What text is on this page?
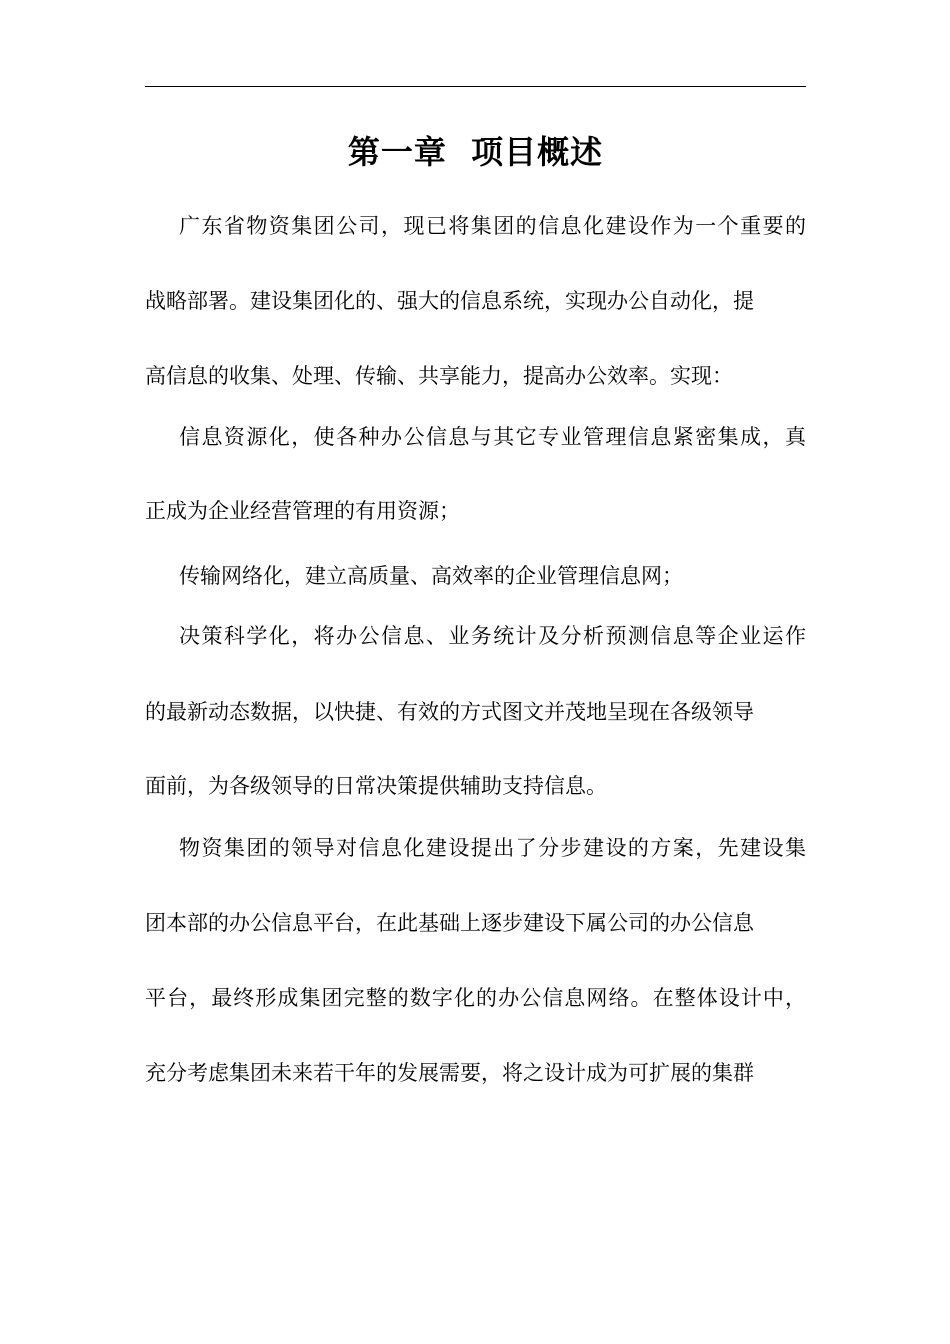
第一章  项目概述
广东省物资集团公司，现已将集团的信息化建设作为一个重要的
战略部署。建设集团化的、强大的信息系统，实现办公自动化，提
高信息的收集、处理、传输、共享能力，提高办公效率。实现：
信息资源化，使各种办公信息与其它专业管理信息紧密集成，真
正成为企业经营管理的有用资源；
传输网络化，建立高质量、高效率的企业管理信息网；
决策科学化，将办公信息、业务统计及分析预测信息等企业运作
的最新动态数据，以快捷、有效的方式图文并茂地呈现在各级领导
面前，为各级领导的日常决策提供辅助支持信息。
物资集团的领导对信息化建设提出了分步建设的方案，先建设集
团本部的办公信息平台，在此基础上逐步建设下属公司的办公信息
平台，最终形成集团完整的数字化的办公信息网络。在整体设计中，
充分考虑集团未来若干年的发展需要，将之设计成为可扩展的集群
